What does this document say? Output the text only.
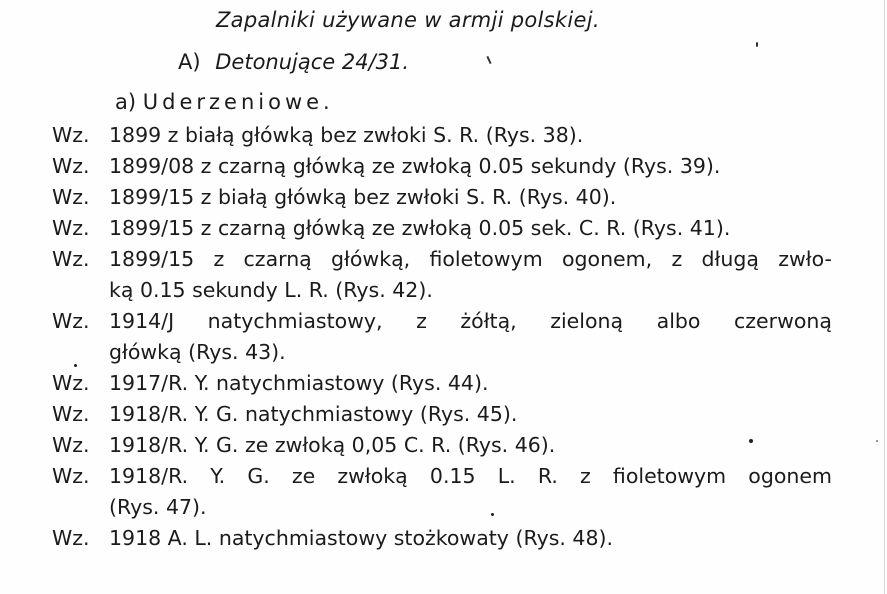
Zapalniki używane w armji polskiej.
A) Detonujące 24/31.
a) Uderzeniowe.
Wz. 1899 z białą główką bez zwłoki S. R. (Rys. 38).
Wz. 1899/08 z czarną główką ze zwłoką 0.05 sekundy (Rys. 39).
Wz. 1899/15 z białą główką bez zwłoki S. R. (Rys. 40).
Wz. 1899/15 z czarną główką ze zwłoką 0.05 sek. C. R. (Rys. 41).
Wz. 1899/15 z czarną główką, fioletowym ogonem, z długą zwło-
ką 0.15 sekundy L. R. (Rys. 42).
Wz. 1914/J natychmiastowy, z żółtą, zieloną albo czerwoną
główką (Rys. 43).
Wz. 1917/R. Y. natychmiastowy (Rys. 44).
Wz. 1918/R. Y. G. natychmiastowy (Rys. 45).
Wz. 1918/R. Y. G. ze zwłoką 0,05 C. R. (Rys. 46).
Wz. 1918/R. Y. G. ze zwłoką 0.15 L. R. z fioletowym ogonem
(Rys. 47).
Wz. 1918 A. L. natychmiastowy stożkowaty (Rys. 48).
